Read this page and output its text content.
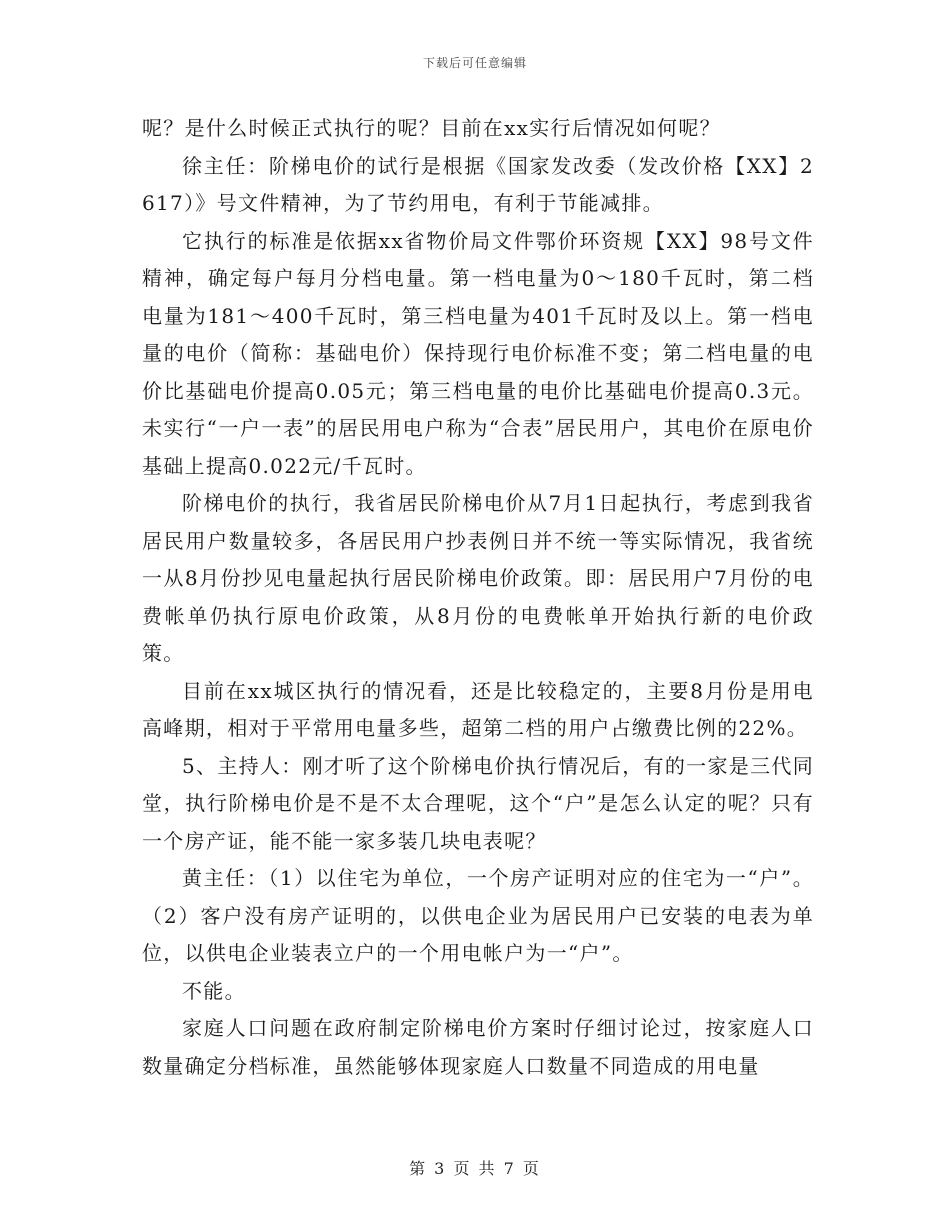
下载后可任意编辑

呢？是什么时候正式执行的呢？目前在xx实行后情况如何呢？

徐主任：阶梯电价的试行是根据《国家发改委（发改价格【XX】2617）》号文件精神，为了节约用电，有利于节能减排。

它执行的标准是依据xx省物价局文件鄂价环资规【XX】98号文件精神，确定每户每月分档电量。第一档电量为0～180千瓦时，第二档电量为181～400千瓦时，第三档电量为401千瓦时及以上。第一档电量的电价（简称：基础电价）保持现行电价标准不变；第二档电量的电价比基础电价提高0.05元；第三档电量的电价比基础电价提高0.3元。未实行“一户一表”的居民用电户称为“合表”居民用户，其电价在原电价基础上提高0.022元/千瓦时。

阶梯电价的执行，我省居民阶梯电价从7月1日起执行，考虑到我省居民用户数量较多，各居民用户抄表例日并不统一等实际情况，我省统一从8月份抄见电量起执行居民阶梯电价政策。即：居民用户7月份的电费帐单仍执行原电价政策，从8月份的电费帐单开始执行新的电价政策。

目前在xx城区执行的情况看，还是比较稳定的，主要8月份是用电高峰期，相对于平常用电量多些，超第二档的用户占缴费比例的22%。

5、主持人：刚才听了这个阶梯电价执行情况后，有的一家是三代同堂，执行阶梯电价是不是不太合理呢，这个“户”是怎么认定的呢？只有一个房产证，能不能一家多装几块电表呢？

黄主任：（1）以住宅为单位，一个房产证明对应的住宅为一“户”。（2）客户没有房产证明的，以供电企业为居民用户已安装的电表为单位，以供电企业装表立户的一个用电帐户为一“户”。

不能。

家庭人口问题在政府制定阶梯电价方案时仔细讨论过，按家庭人口数量确定分档标准，虽然能够体现家庭人口数量不同造成的用电量

第 3 页 共 7 页
